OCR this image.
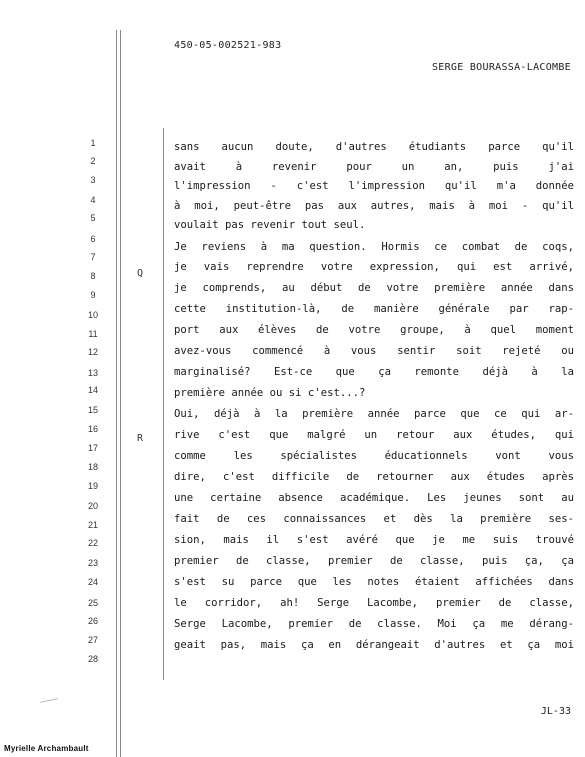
450-05-002521-983
SERGE BOURASSA-LACOMBE
1
2
3
4
5
6
7
8
9
10
11
12
13
14
15
16
17
18
19
20
21
22
23
24
25
26
27
28
Q
R
sans aucun doute, d'autres étudiants parce qu'il
avait à revenir pour un an, puis j'ai
l'impression - c'est l'impression qu'il m'a donnée
à moi, peut-être pas aux autres, mais à moi - qu'il
voulait pas revenir tout seul.
Je reviens à ma question. Hormis ce combat de coqs,
je vais reprendre votre expression, qui est arrivé,
je comprends, au début de votre première année dans
cette institution-là, de manière générale par rap-
port aux élèves de votre groupe, à quel moment
avez-vous commencé à vous sentir soit rejeté ou
marginalisé? Est-ce que ça remonte déjà à la
première année ou si c'est...?
Oui, déjà à la première année parce que ce qui ar-
rive c'est que malgré un retour aux études, qui
comme les spécialistes éducationnels vont vous
dire, c'est difficile de retourner aux études après
une certaine absence académique. Les jeunes sont au
fait de ces connaissances et dès la première ses-
sion, mais il s'est avéré que je me suis trouvé
premier de classe, premier de classe, puis ça, ça
s'est su parce que les notes étaient affichées dans
le corridor, ah! Serge Lacombe, premier de classe,
Serge Lacombe, premier de classe. Moi ça me dérang-
geait pas, mais ça en dérangeait d'autres et ça moi
JL-33
Myrielle Archambault
